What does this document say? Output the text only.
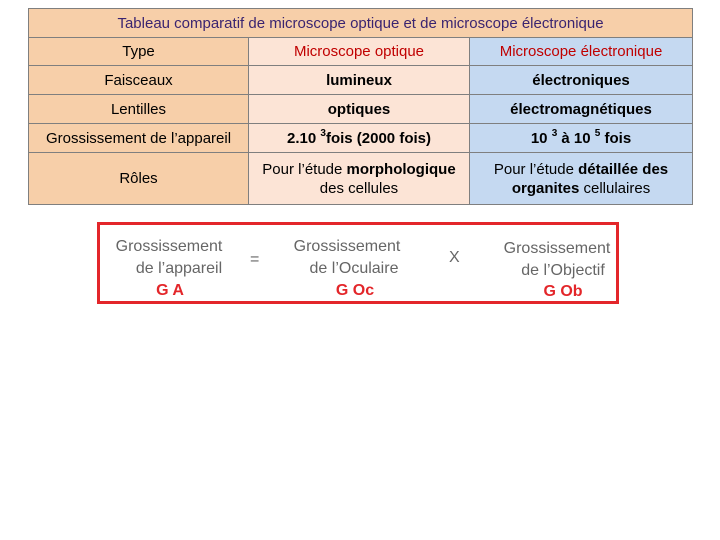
Tableau comparatif de microscope optique et de microscope électronique		
Type	Microscope optique	Microscope électronique
Faisceaux	lumineux	électroniques
Lentilles	optiques	électromagnétiques
Grossissement de l’appareil	2.10 $^3$fois (2000 fois)	10 $^3$ à 10 $^5$ fois
Rôles	Pour l’étude morphologique des cellules	Pour l’étude détaillée des organites cellulaires
Grossissement
de l’appareil
G A
=
Grossissement
de l’Oculaire
G Oc
X
Grossissement
de l’Objectif
G Ob
